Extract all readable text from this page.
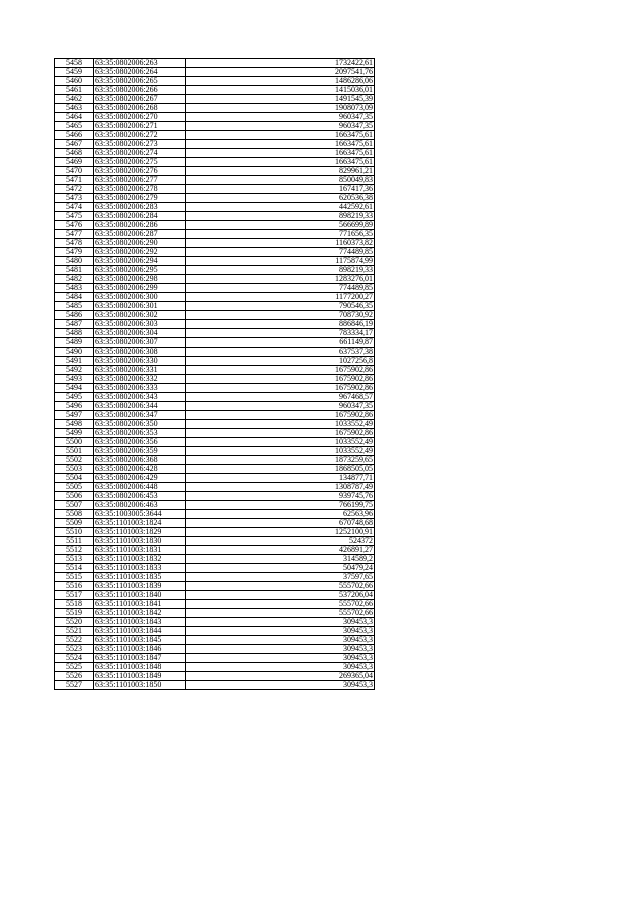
5458	63:35:0802006:263	1732422,61
5459	63:35:0802006:264	2097541,76
5460	63:35:0802006:265	1486286,06
5461	63:35:0802006:266	1415036,01
5462	63:35:0802006:267	1491545,39
5463	63:35:0802006:268	1908073,09
5464	63:35:0802006:270	960347,35
5465	63:35:0802006:271	960347,35
5466	63:35:0802006:272	1663475,61
5467	63:35:0802006:273	1663475,61
5468	63:35:0802006:274	1663475,61
5469	63:35:0802006:275	1663475,61
5470	63:35:0802006:276	829961,21
5471	63:35:0802006:277	850049,83
5472	63:35:0802006:278	167417,36
5473	63:35:0802006:279	620536,38
5474	63:35:0802006:283	442592,61
5475	63:35:0802006:284	898219,33
5476	63:35:0802006:286	566699,89
5477	63:35:0802006:287	771656,35
5478	63:35:0802006:290	1160373,82
5479	63:35:0802006:292	774489,85
5480	63:35:0802006:294	1175874,99
5481	63:35:0802006:295	898219,33
5482	63:35:0802006:298	1283276,01
5483	63:35:0802006:299	774489,85
5484	63:35:0802006:300	1177200,27
5485	63:35:0802006:301	790546,35
5486	63:35:0802006:302	708730,92
5487	63:35:0802006:303	886846,19
5488	63:35:0802006:304	783334,17
5489	63:35:0802006:307	661149,87
5490	63:35:0802006:308	637537,38
5491	63:35:0802006:330	1027256,8
5492	63:35:0802006:331	1675902,86
5493	63:35:0802006:332	1675902,86
5494	63:35:0802006:333	1675902,86
5495	63:35:0802006:343	967468,57
5496	63:35:0802006:344	960347,35
5497	63:35:0802006:347	1675902,86
5498	63:35:0802006:350	1033552,49
5499	63:35:0802006:353	1675902,86
5500	63:35:0802006:356	1033552,49
5501	63:35:0802006:359	1033552,49
5502	63:35:0802006:368	1873259,65
5503	63:35:0802006:428	1868505,05
5504	63:35:0802006:429	134877,71
5505	63:35:0802006:448	1308787,49
5506	63:35:0802006:453	939745,76
5507	63:35:0802006:463	766199,75
5508	63:35:1003005:3644	62563,96
5509	63:35:1101003:1824	670748,68
5510	63:35:1101003:1829	1252100,91
5511	63:35:1101003:1830	524372
5512	63:35:1101003:1831	426891,27
5513	63:35:1101003:1832	314589,2
5514	63:35:1101003:1833	50479,24
5515	63:35:1101003:1835	37597,65
5516	63:35:1101003:1839	555702,66
5517	63:35:1101003:1840	537206,04
5518	63:35:1101003:1841	555702,66
5519	63:35:1101003:1842	555702,66
5520	63:35:1101003:1843	309453,3
5521	63:35:1101003:1844	309453,3
5522	63:35:1101003:1845	309453,3
5523	63:35:1101003:1846	309453,3
5524	63:35:1101003:1847	309453,3
5525	63:35:1101003:1848	309453,3
5526	63:35:1101003:1849	269365,04
5527	63:35:1101003:1850	309453,3
